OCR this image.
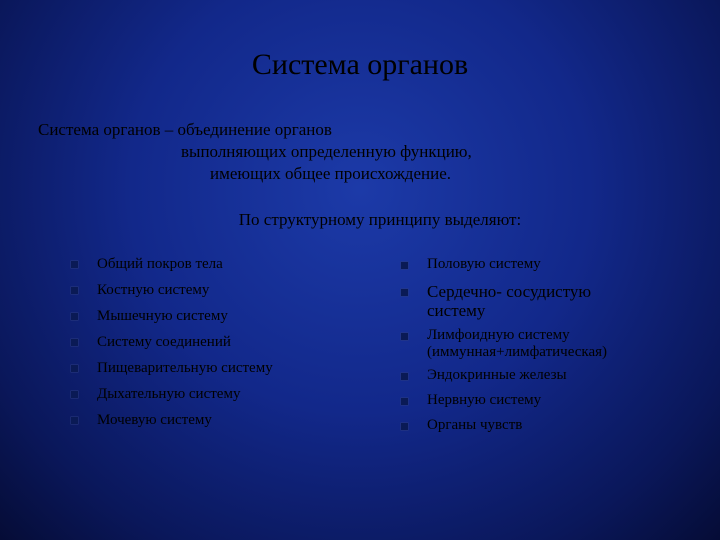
Система органов
Система органов – объединение органов
выполняющих определенную функцию,
имеющих общее происхождение.
По структурному принципу выделяют:
Общий покров тела
Костную систему
Мышечную систему
Систему соединений
Пищеварительную систему
Дыхательную систему
Мочевую систему
Половую систему
Сердечно- сосудистую систему
Лимфоидную систему (иммунная+лимфатическая)
Эндокринные железы
Нервную систему
Органы чувств
